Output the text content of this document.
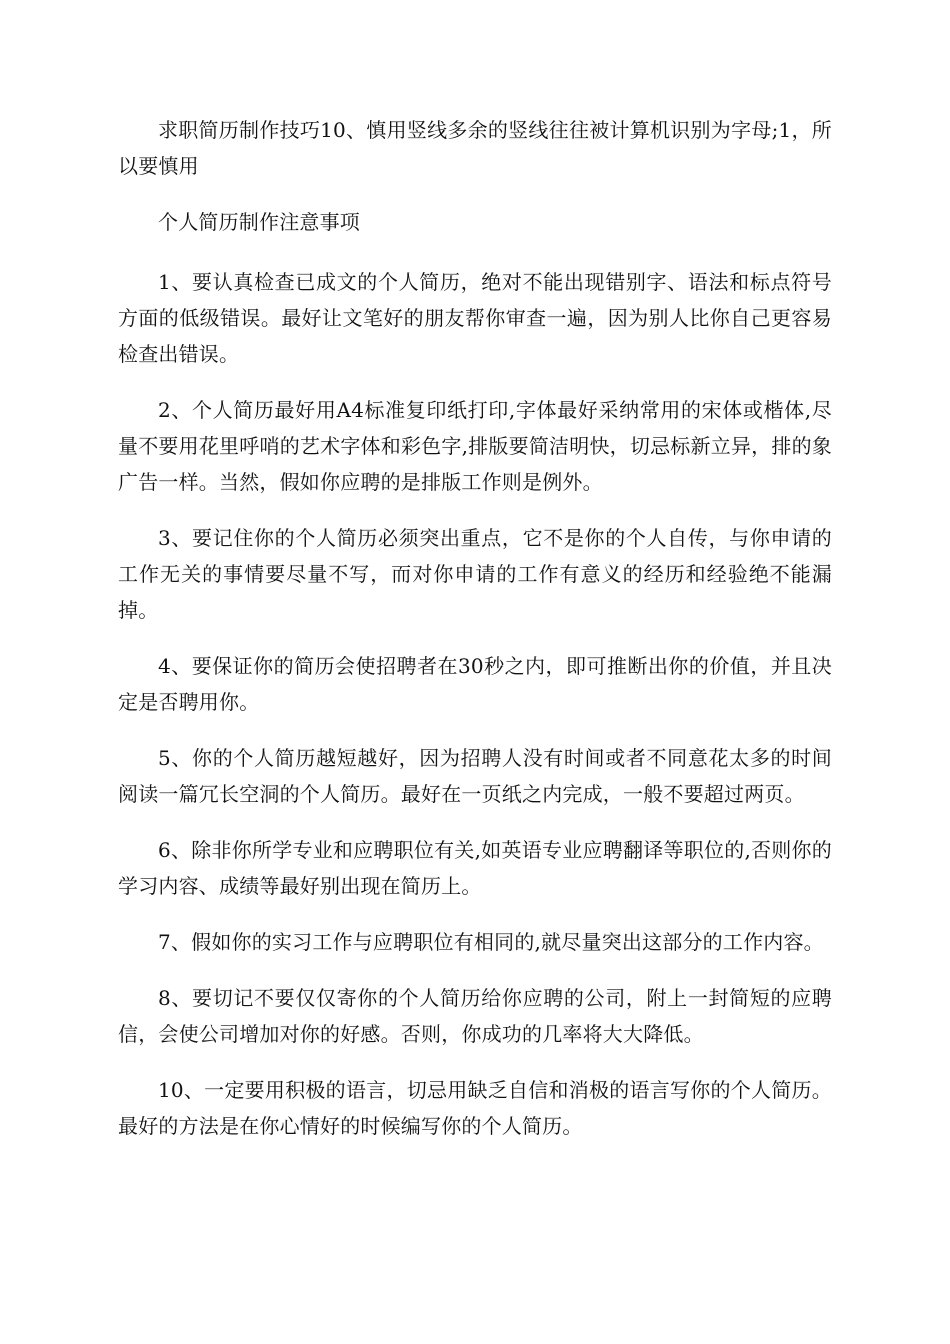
求职简历制作技巧10、慎用竖线多余的竖线往往被计算机识别为字母;1，所以要慎用

个人简历制作注意事项

1、要认真检查已成文的个人简历，绝对不能出现错别字、语法和标点符号方面的低级错误。最好让文笔好的朋友帮你审查一遍，因为别人比你自己更容易检查出错误。

2、个人简历最好用A4标准复印纸打印,字体最好采纳常用的宋体或楷体,尽量不要用花里呼哨的艺术字体和彩色字,排版要简洁明快，切忌标新立异，排的象广告一样。当然，假如你应聘的是排版工作则是例外。

3、要记住你的个人简历必须突出重点，它不是你的个人自传，与你申请的工作无关的事情要尽量不写，而对你申请的工作有意义的经历和经验绝不能漏掉。

4、要保证你的简历会使招聘者在30秒之内，即可推断出你的价值，并且决定是否聘用你。

5、你的个人简历越短越好，因为招聘人没有时间或者不同意花太多的时间阅读一篇冗长空洞的个人简历。最好在一页纸之内完成，一般不要超过两页。

6、除非你所学专业和应聘职位有关,如英语专业应聘翻译等职位的,否则你的学习内容、成绩等最好别出现在简历上。

7、假如你的实习工作与应聘职位有相同的,就尽量突出这部分的工作内容。

8、要切记不要仅仅寄你的个人简历给你应聘的公司，附上一封简短的应聘信，会使公司增加对你的好感。否则，你成功的几率将大大降低。

10、一定要用积极的语言，切忌用缺乏自信和消极的语言写你的个人简历。最好的方法是在你心情好的时候编写你的个人简历。
